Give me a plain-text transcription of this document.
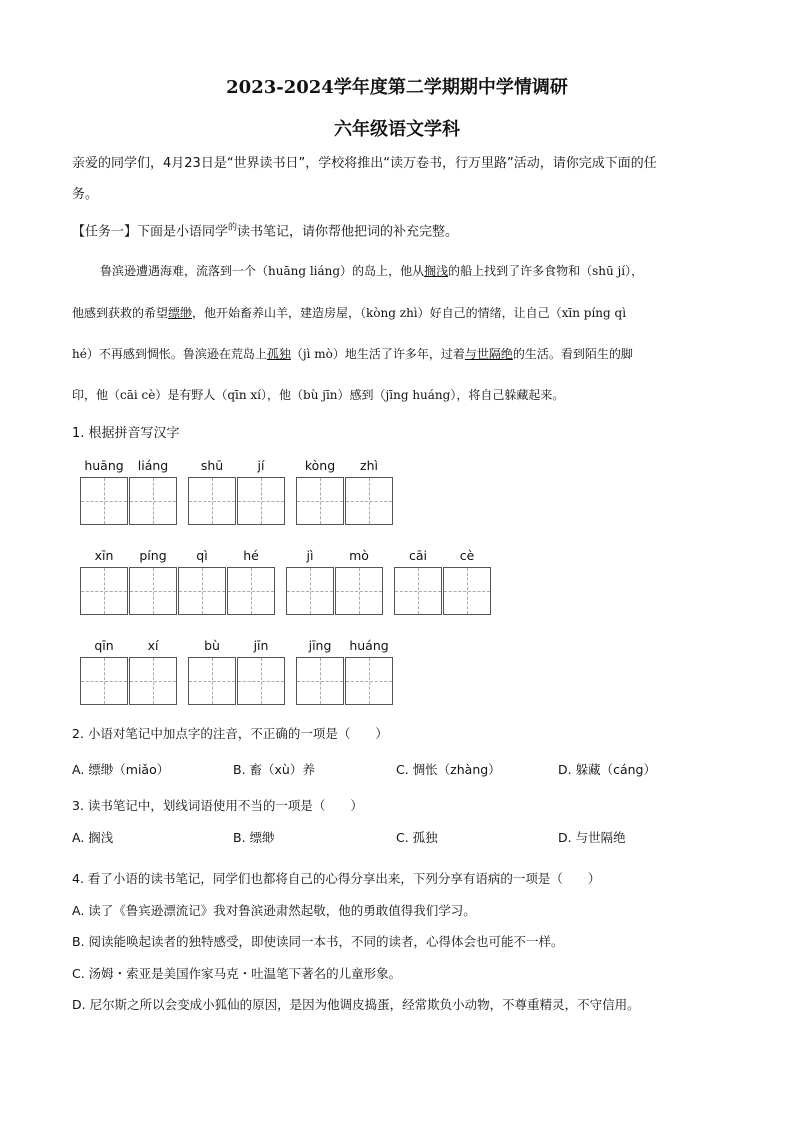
2023-2024学年度第二学期期中学情调研
六年级语文学科
亲爱的同学们，4月23日是“世界读书日”，学校将推出“读万卷书，行万里路”活动，请你完成下面的任
务。
【任务一】下面是小语同学$^的$读书笔记，请你帮他把词的补充完整。
鲁滨逊遭遇海难，流落到一个（huāng liáng）的岛上，他从搁浅的船上找到了许多食物和（shū jí），
他感到获救的希望缥缈，他开始畜养山羊，建造房屋，（kòng zhì）好自己的情绪，让自己（xīn píng qì
hé）不再感到惆怅。鲁滨逊在荒岛上孤独（jì mò）地生活了许多年，过着与世隔绝的生活。看到陌生的脚
印，他（cāi cè）是有野人（qīn xí），他（bù jīn）感到（jīng huáng），将自己躲藏起来。
1. 根据拼音写汉字
huāng	liáng	shū	jí	kòng	zhì
xīn	píng	qì	hé	jì	mò	cāi	cè
qīn	xí	bù	jīn	jīng	huáng
2. 小语对笔记中加点字的注音，不正确的一项是（　　）
A. 缥缈（miǎo）	B. 畜（xù）养	C. 惆怅（zhàng）	D. 躲藏（cáng）
3. 读书笔记中，划线词语使用不当的一项是（　　）
A. 搁浅	B. 缥缈	C. 孤独	D. 与世隔绝
4. 看了小语的读书笔记，同学们也都将自己的心得分享出来，下列分享有语病的一项是（　　）
A. 读了《鲁宾逊漂流记》我对鲁滨逊肃然起敬，他的勇敢值得我们学习。
B. 阅读能唤起读者的独特感受，即使读同一本书，不同的读者，心得体会也可能不一样。
C. 汤姆・索亚是美国作家马克・吐温笔下著名的儿童形象。
D. 尼尔斯之所以会变成小狐仙的原因，是因为他调皮捣蛋，经常欺负小动物，不尊重精灵，不守信用。
